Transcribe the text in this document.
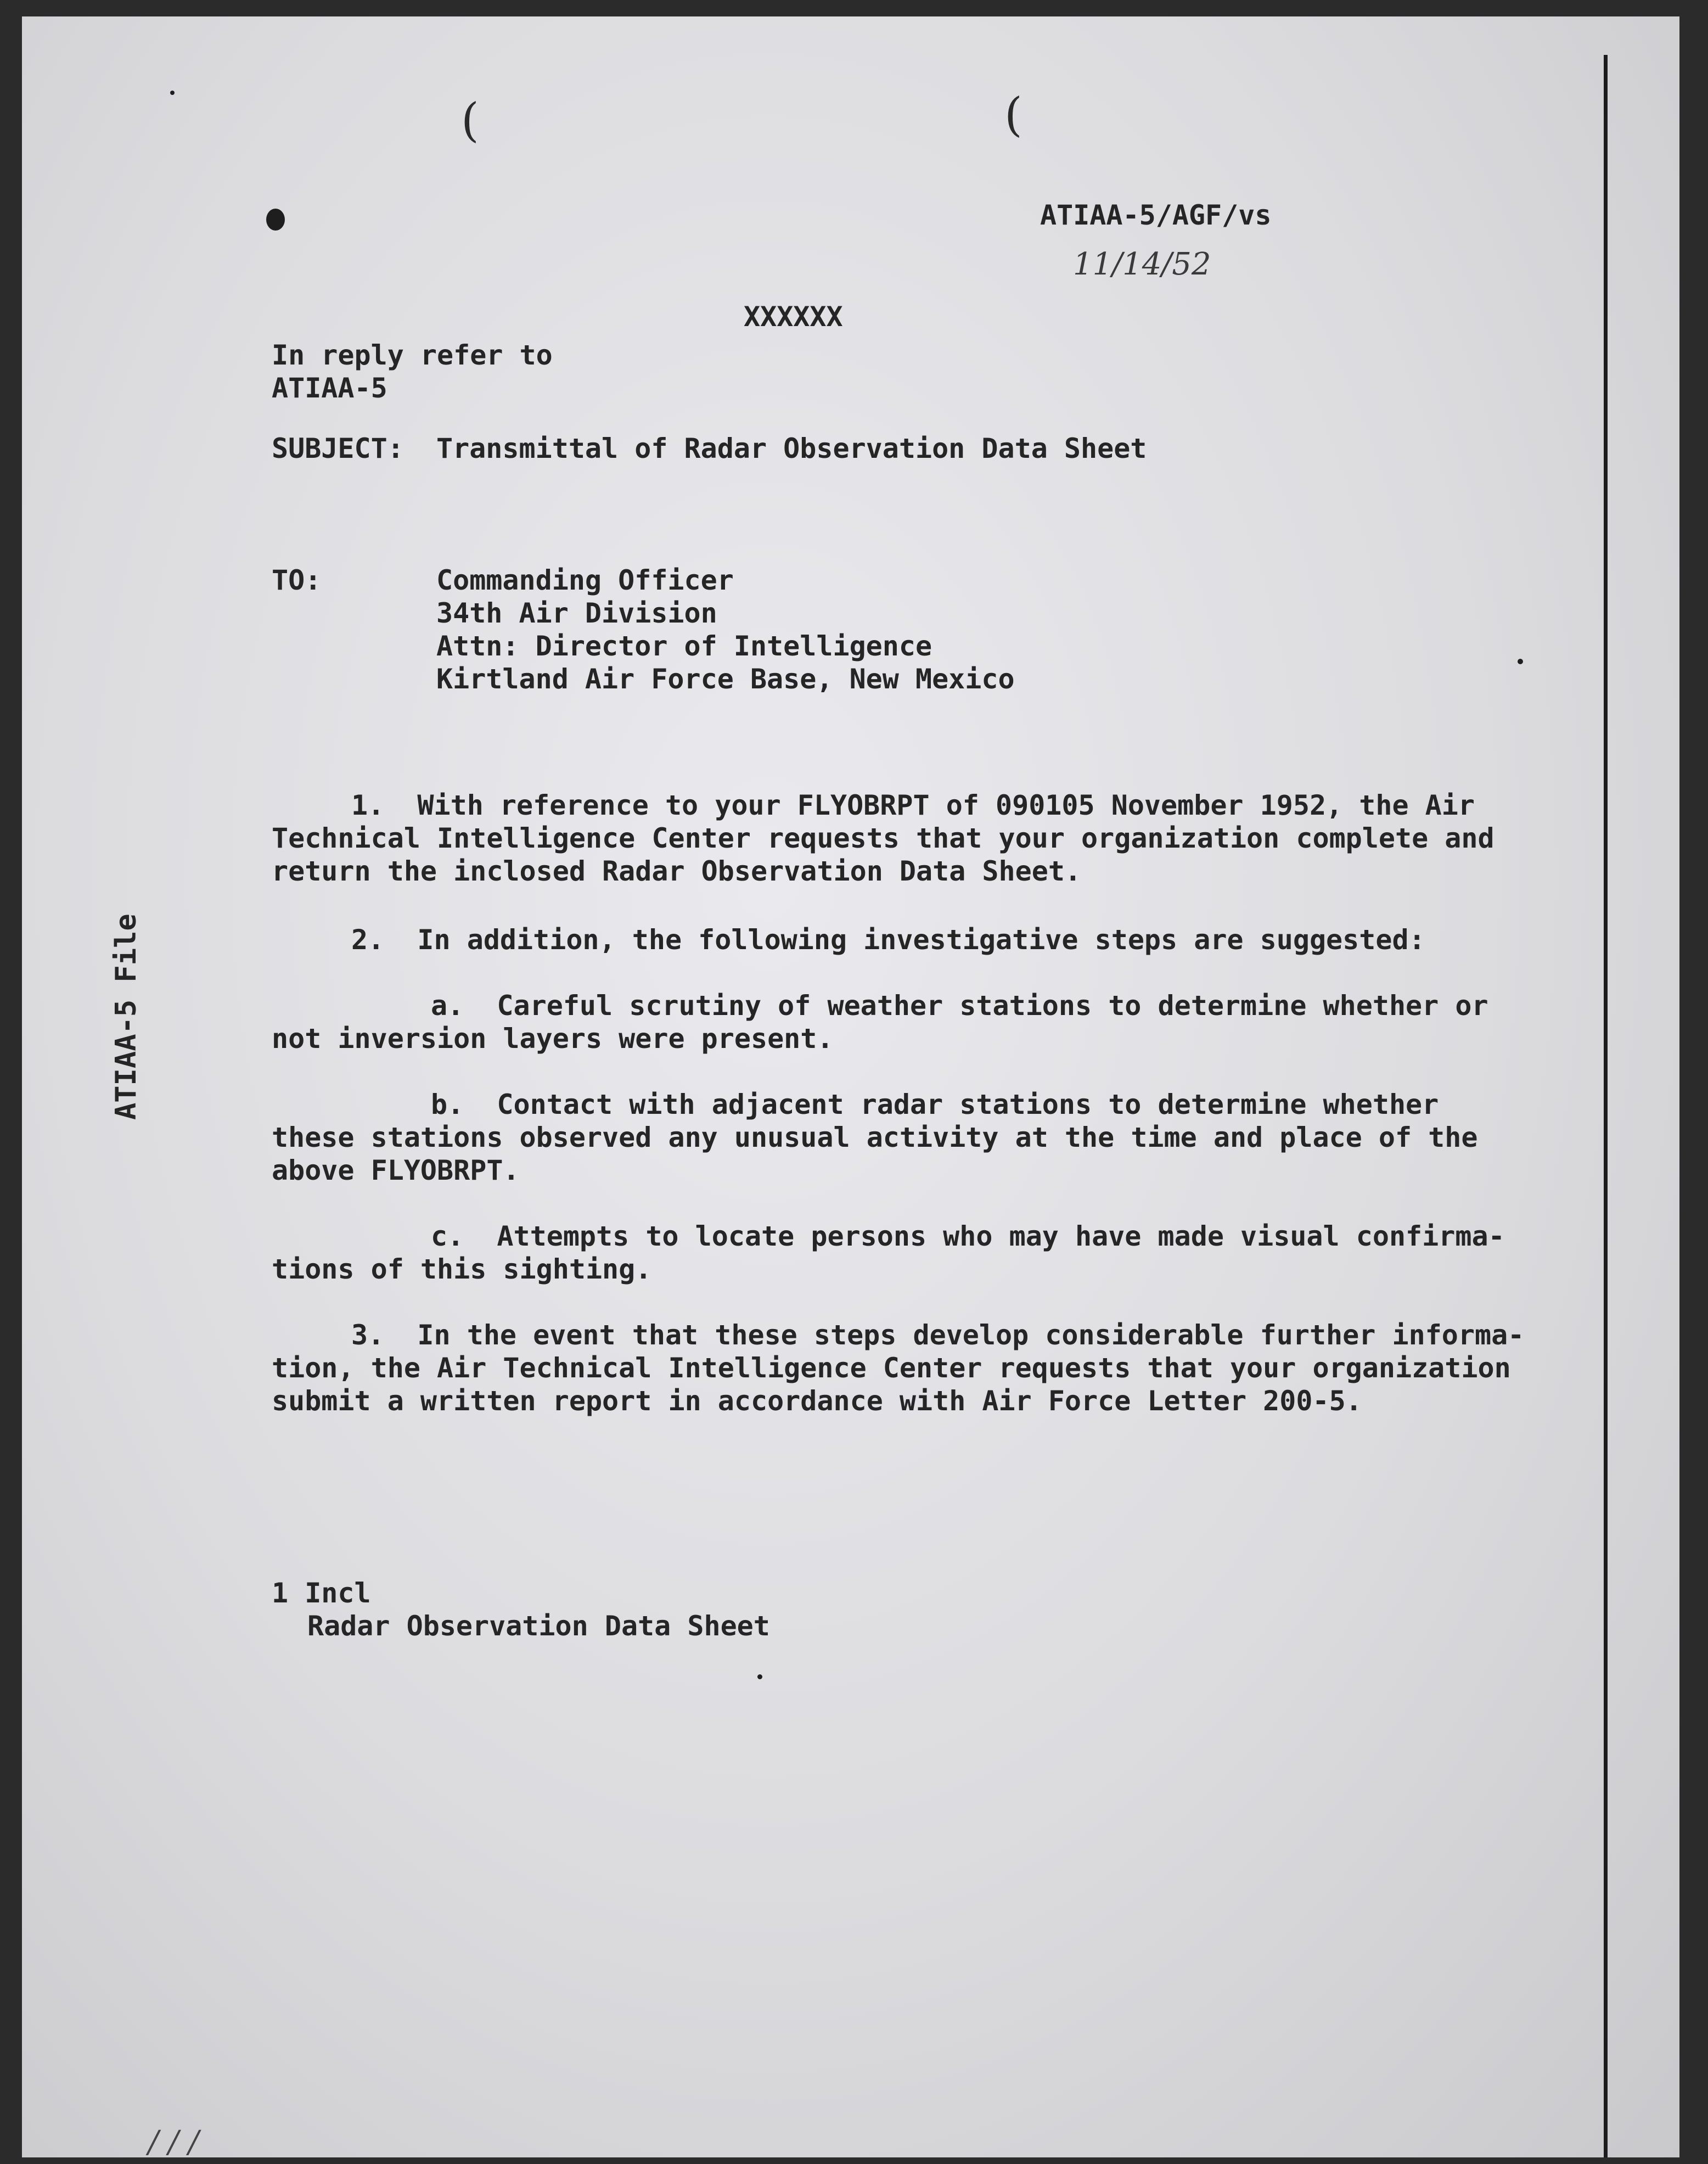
(	(
ATIAA-5/AGF/vs
11/14/52
XXXXXX
In reply refer to
ATIAA-5
SUBJECT: Transmittal of Radar Observation Data Sheet
TO:	Commanding Officer
34th Air Division
Attn: Director of Intelligence
Kirtland Air Force Base, New Mexico
1.  With reference to your FLYOBRPT of 090105 November 1952, the Air
Technical Intelligence Center requests that your organization complete and
return the inclosed Radar Observation Data Sheet.
2.  In addition, the following investigative steps are suggested:
a.  Careful scrutiny of weather stations to determine whether or
not inversion layers were present.
b.  Contact with adjacent radar stations to determine whether
these stations observed any unusual activity at the time and place of the
above FLYOBRPT.
c.  Attempts to locate persons who may have made visual confirma-
tions of this sighting.
3.  In the event that these steps develop considerable further informa-
tion, the Air Technical Intelligence Center requests that your organization
submit a written report in accordance with Air Force Letter 200-5.
1 Incl
Radar Observation Data Sheet
ATIAA-5 File
/ / /
